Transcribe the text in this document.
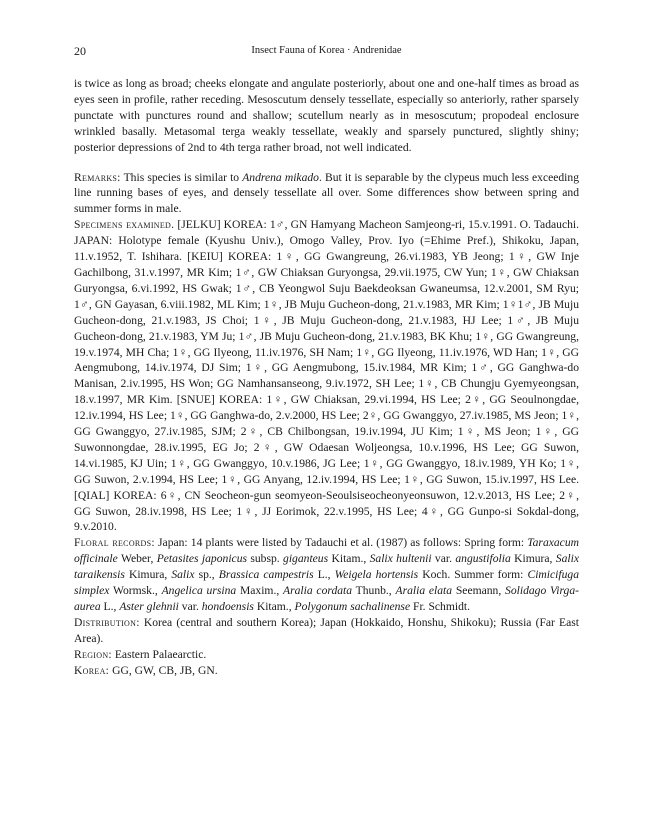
20	Insect Fauna of Korea · Andrenidae

is twice as long as broad; cheeks elongate and angulate posteriorly, about one and one-half times as broad as eyes seen in profile, rather receding. Mesoscutum densely tessellate, especially so anteriorly, rather sparsely punctate with punctures round and shallow; scutellum nearly as in mesoscutum; propodeal enclosure wrinkled basally. Metasomal terga weakly tessellate, weakly and sparsely punctured, slightly shiny; posterior depressions of 2nd to 4th terga rather broad, not well indicated.

Remarks: This species is similar to Andrena mikado. But it is separable by the clypeus much less exceeding line running bases of eyes, and densely tessellate all over. Some differences show between spring and summer forms in male.

Specimens examined. [JELKU] KOREA: 1♂, GN Hamyang Macheon Samjeong-ri, 15.v.1991. O. Tadauchi. JAPAN: Holotype female (Kyushu Univ.), Omogo Valley, Prov. Iyo (=Ehime Pref.), Shikoku, Japan, 11.v.1952, T. Ishihara. [KEIU] KOREA: 1♀, GG Gwangreung, 26.vi.1983, YB Jeong; 1♀, GW Inje Gachilbong, 31.v.1997, MR Kim; 1♂, GW Chiaksan Guryongsa, 29.vii.1975, CW Yun; 1♀, GW Chiaksan Guryongsa, 6.vi.1992, HS Gwak; 1♂, CB Yeongwol Suju Baekdeoksan Gwaneumsa, 12.v.2001, SM Ryu; 1♂, GN Gayasan, 6.viii.1982, ML Kim; 1♀, JB Muju Gucheon-dong, 21.v.1983, MR Kim; 1♀1♂, JB Muju Gucheon-dong, 21.v.1983, JS Choi; 1♀, JB Muju Gucheon-dong, 21.v.1983, HJ Lee; 1♂, JB Muju Gucheon-dong, 21.v.1983, YM Ju; 1♂, JB Muju Gucheon-dong, 21.v.1983, BK Khu; 1♀, GG Gwangreung, 19.v.1974, MH Cha; 1♀, GG Ilyeong, 11.iv.1976, SH Nam; 1♀, GG Ilyeong, 11.iv.1976, WD Han; 1♀, GG Aengmubong, 14.iv.1974, DJ Sim; 1♀, GG Aengmubong, 15.iv.1984, MR Kim; 1♂, GG Ganghwa-do Manisan, 2.iv.1995, HS Won; GG Namhansanseong, 9.iv.1972, SH Lee; 1♀, CB Chungju Gyemyeongsan, 18.v.1997, MR Kim. [SNUE] KOREA: 1♀, GW Chiaksan, 29.vi.1994, HS Lee; 2♀, GG Seoulnongdae, 12.iv.1994, HS Lee; 1♀, GG Ganghwa-do, 2.v.2000, HS Lee; 2♀, GG Gwanggyo, 27.iv.1985, MS Jeon; 1♀, GG Gwanggyo, 27.iv.1985, SJM; 2♀, CB Chilbongsan, 19.iv.1994, JU Kim; 1♀, MS Jeon; 1♀, GG Suwonnongdae, 28.iv.1995, EG Jo; 2♀, GW Odaesan Woljeongsa, 10.v.1996, HS Lee; GG Suwon, 14.vi.1985, KJ Uin; 1♀, GG Gwanggyo, 10.v.1986, JG Lee; 1♀, GG Gwanggyo, 18.iv.1989, YH Ko; 1♀, GG Suwon, 2.v.1994, HS Lee; 1♀, GG Anyang, 12.iv.1994, HS Lee; 1♀, GG Suwon, 15.iv.1997, HS Lee. [QIAL] KOREA: 6♀, CN Seocheon-gun seomyeon-Seoulsiseocheonyeonsuwon, 12.v.2013, HS Lee; 2♀, GG Suwon, 28.iv.1998, HS Lee; 1♀, JJ Eorimok, 22.v.1995, HS Lee; 4♀, GG Gunpo-si Sokdal-dong, 9.v.2010.

Floral records: Japan: 14 plants were listed by Tadauchi et al. (1987) as follows: Spring form: Taraxacum officinale Weber, Petasites japonicus subsp. giganteus Kitam., Salix hultenii var. angustifolia Kimura, Salix taraikensis Kimura, Salix sp., Brassica campestris L., Weigela hortensis Koch. Summer form: Cimicifuga simplex Wormsk., Angelica ursina Maxim., Aralia cordata Thunb., Aralia elata Seemann, Solidago Virga-aurea L., Aster glehnii var. hondoensis Kitam., Polygonum sachalinense Fr. Schmidt.

Distribution: Korea (central and southern Korea); Japan (Hokkaido, Honshu, Shikoku); Russia (Far East Area).

Region: Eastern Palaearctic.

Korea: GG, GW, CB, JB, GN.
